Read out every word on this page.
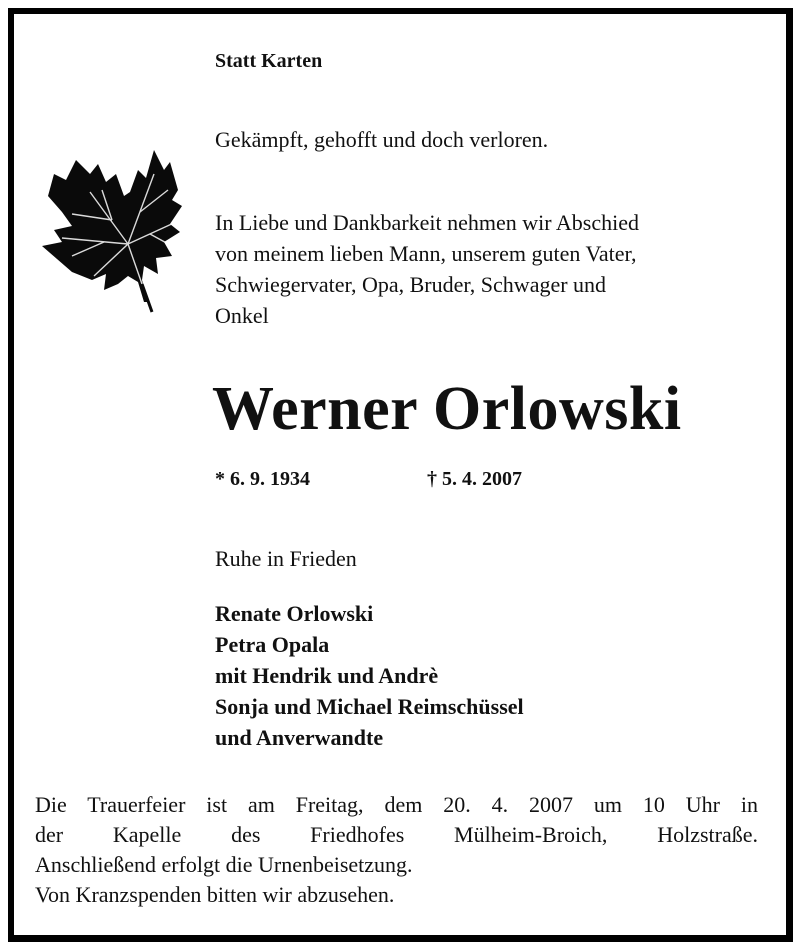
Statt Karten
Gekämpft, gehofft und doch verloren.
In Liebe und Dankbarkeit nehmen wir Abschied
von meinem lieben Mann, unserem guten Vater,
Schwiegervater, Opa, Bruder, Schwager und
Onkel
Werner Orlowski
* 6. 9. 1934	† 5. 4. 2007
Ruhe in Frieden
Renate Orlowski
Petra Opala
mit Hendrik und Andrè
Sonja und Michael Reimschüssel
und Anverwandte
Die Trauerfeier ist am Freitag, dem 20. 4. 2007 um 10 Uhr in
der Kapelle des Friedhofes Mülheim-Broich, Holzstraße.
Anschließend erfolgt die Urnenbeisetzung.
Von Kranzspenden bitten wir abzusehen.
